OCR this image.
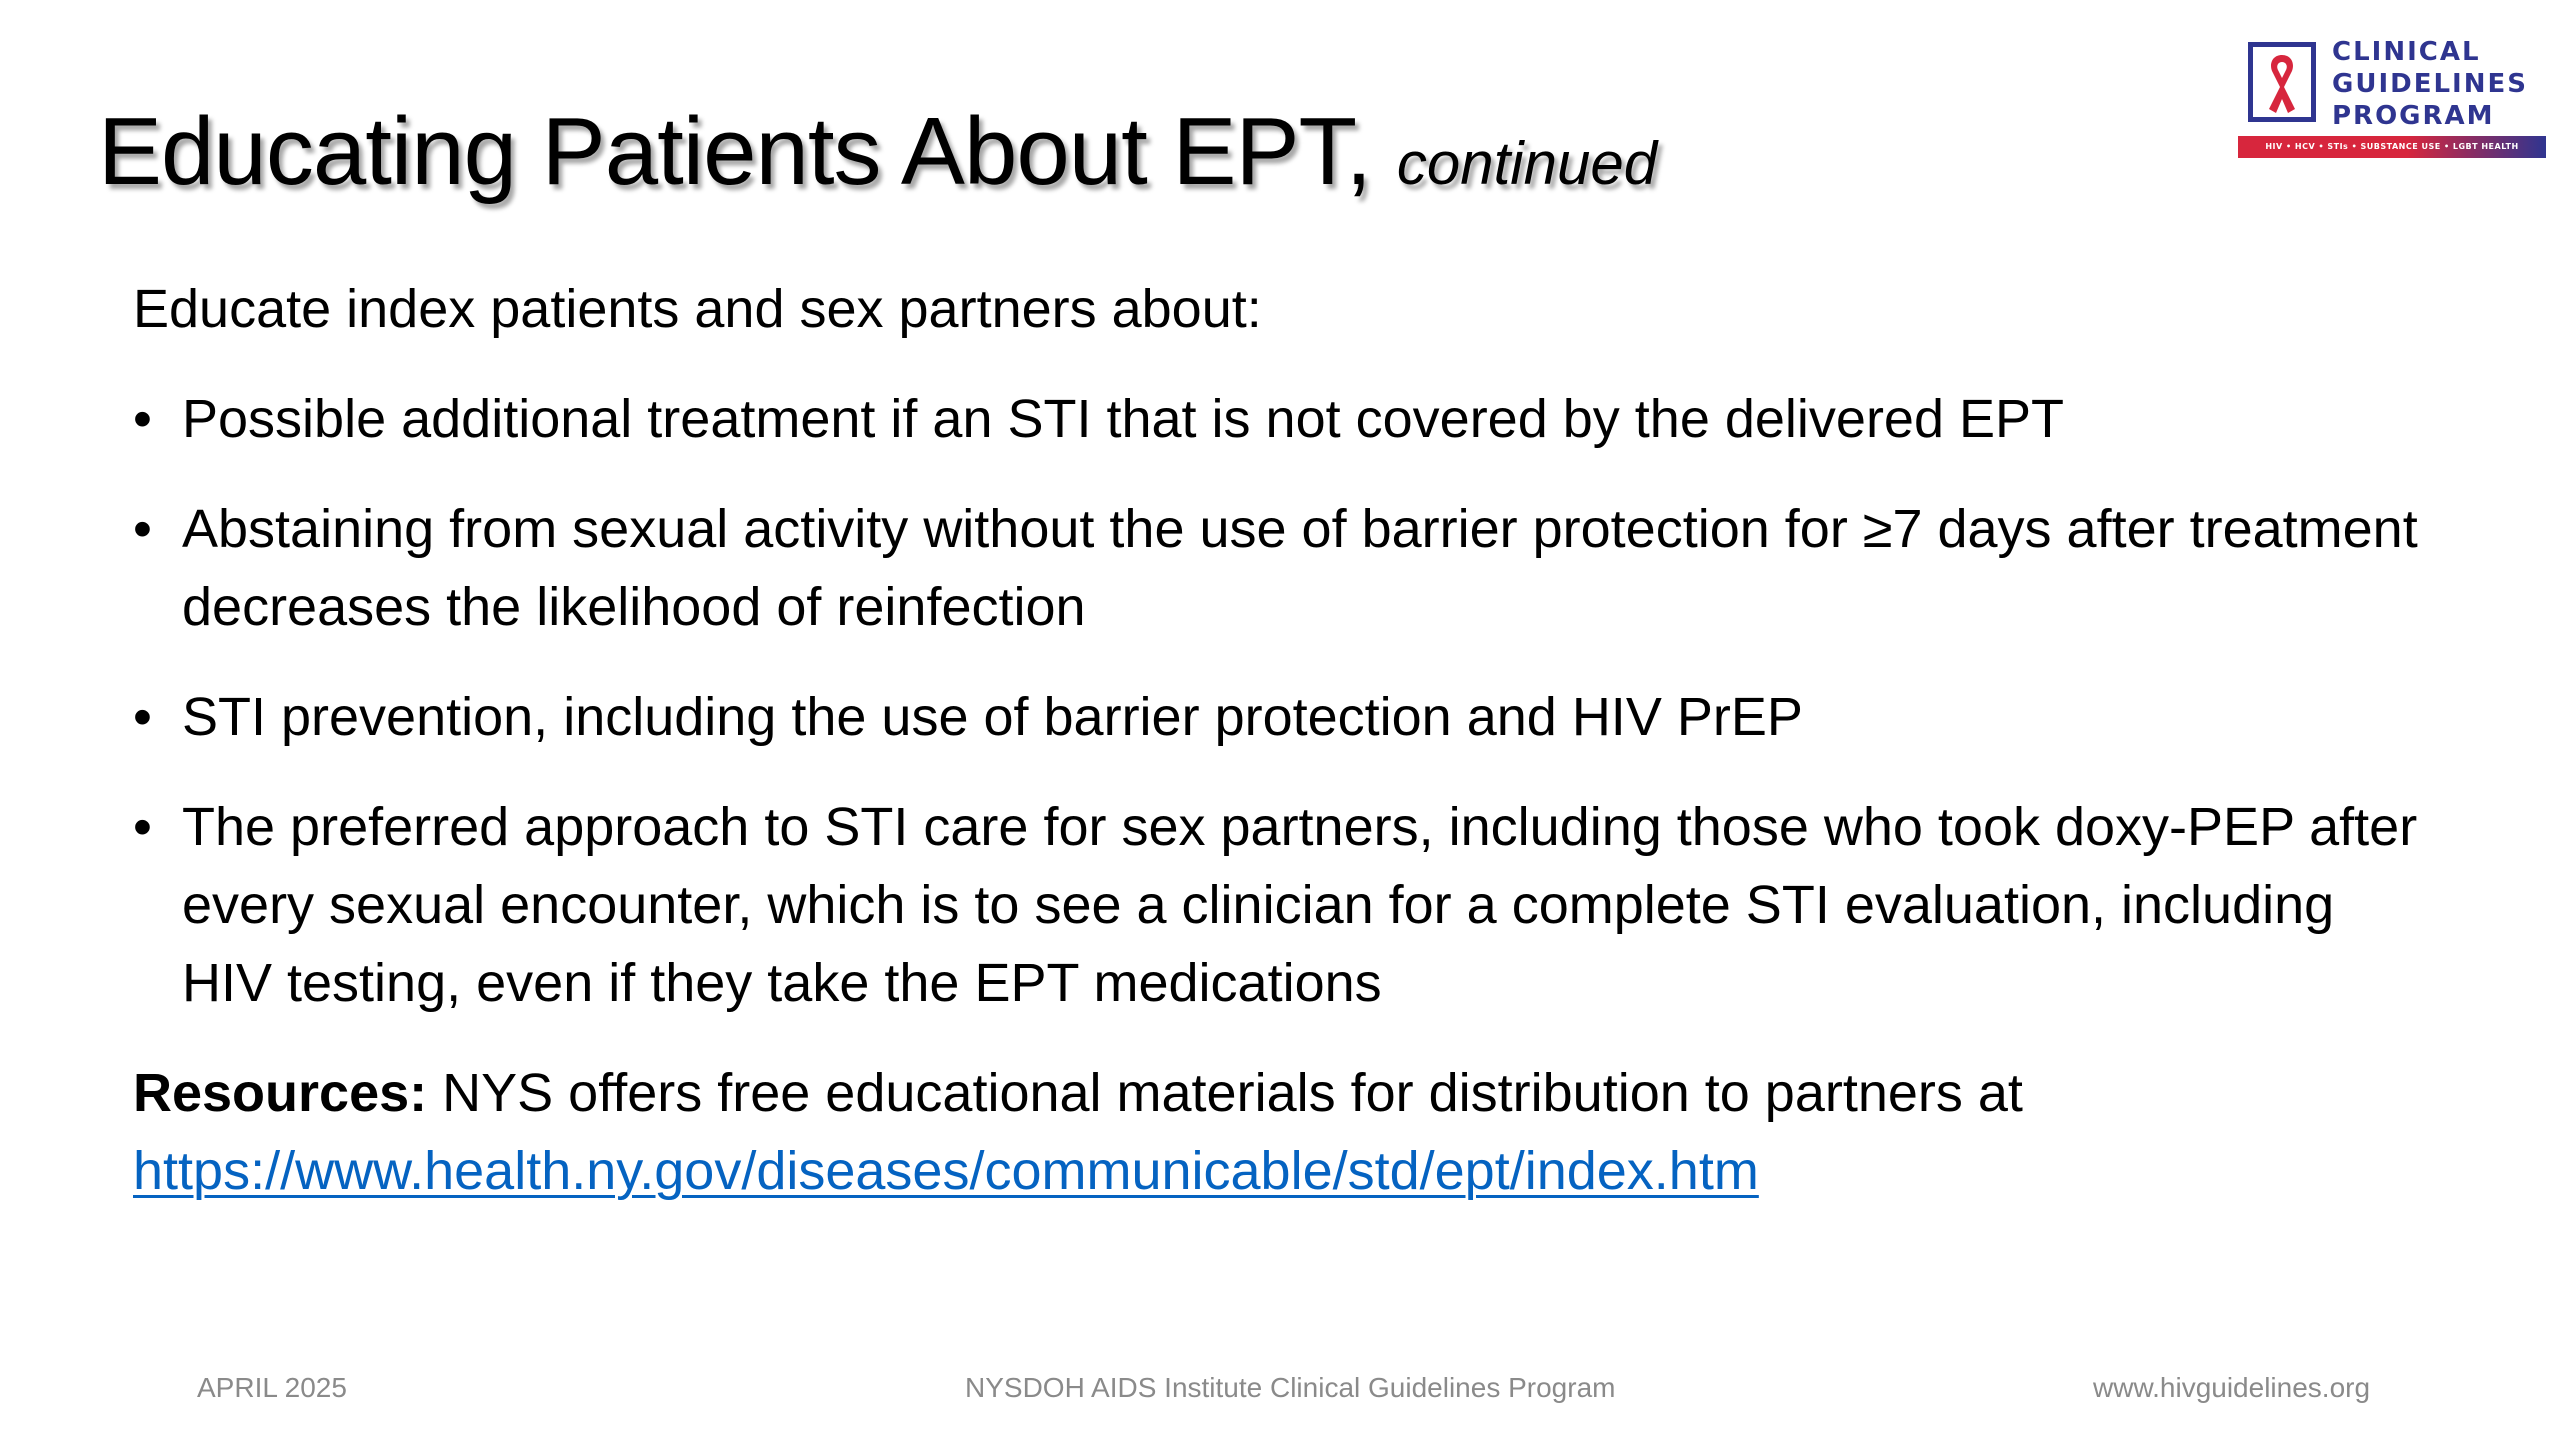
Educating Patients About EPT, continued
CLINICAL
GUIDELINES
PROGRAM
HIV • HCV • STIs • SUBSTANCE USE • LGBT HEALTH

Educate index patients and sex partners about:

• Possible additional treatment if an STI that is not covered by the delivered EPT
• Abstaining from sexual activity without the use of barrier protection for ≥7 days after treatment decreases the likelihood of reinfection
• STI prevention, including the use of barrier protection and HIV PrEP
• The preferred approach to STI care for sex partners, including those who took doxy-PEP after every sexual encounter, which is to see a clinician for a complete STI evaluation, including HIV testing, even if they take the EPT medications

Resources: NYS offers free educational materials for distribution to partners at
https://www.health.ny.gov/diseases/communicable/std/ept/index.htm

APRIL 2025	NYSDOH AIDS Institute Clinical Guidelines Program	www.hivguidelines.org
